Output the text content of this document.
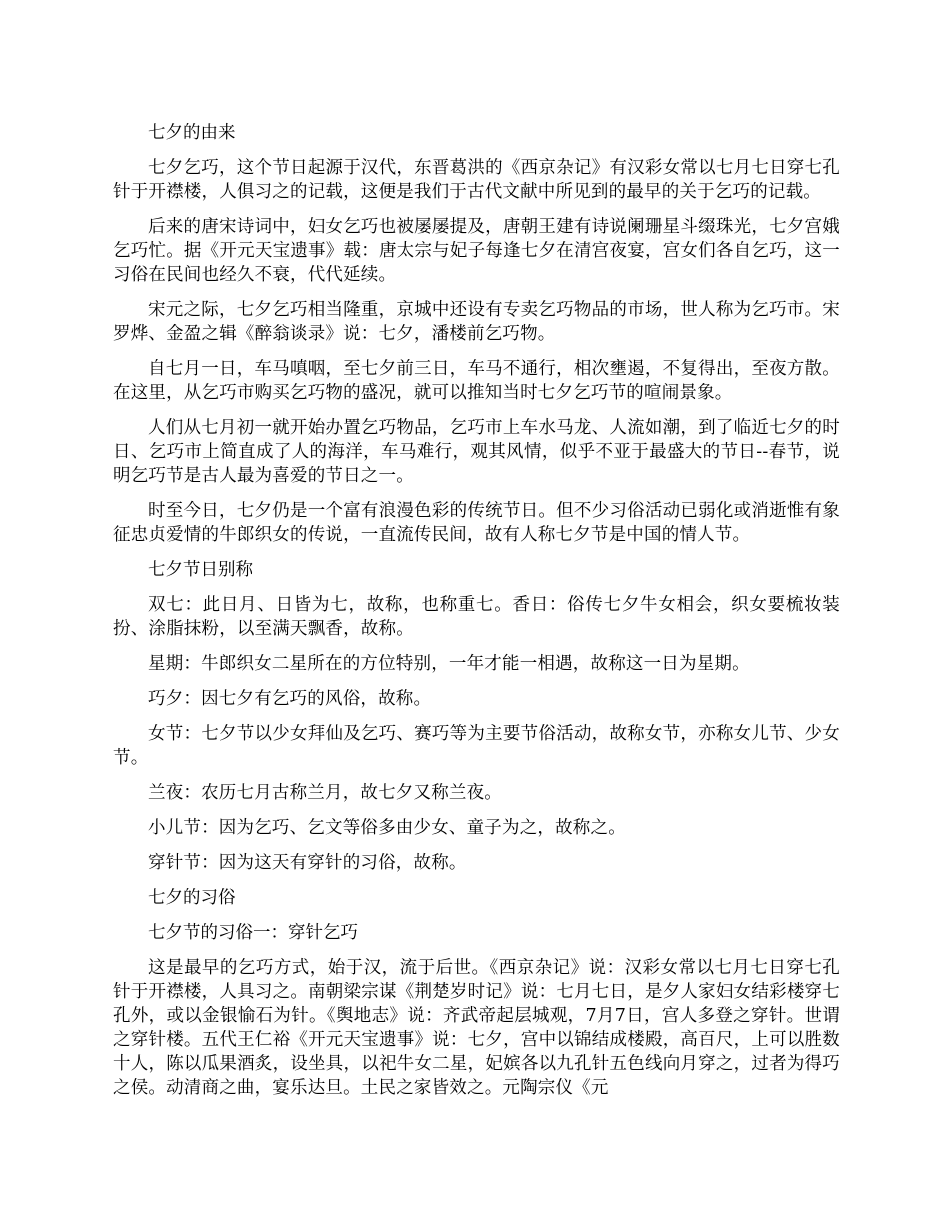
七夕的由来

七夕乞巧，这个节日起源于汉代，东晋葛洪的《西京杂记》有汉彩女常以七月七日穿七孔针于开襟楼，人俱习之的记载，这便是我们于古代文献中所见到的最早的关于乞巧的记载。

后来的唐宋诗词中，妇女乞巧也被屡屡提及，唐朝王建有诗说阑珊星斗缀珠光，七夕宫娥乞巧忙。据《开元天宝遗事》载：唐太宗与妃子每逢七夕在清宫夜宴，宫女们各自乞巧，这一习俗在民间也经久不衰，代代延续。

宋元之际，七夕乞巧相当隆重，京城中还设有专卖乞巧物品的市场，世人称为乞巧市。宋罗烨、金盈之辑《醉翁谈录》说：七夕，潘楼前乞巧物。

自七月一日，车马嗔咽，至七夕前三日，车马不通行，相次壅遏，不复得出，至夜方散。在这里，从乞巧市购买乞巧物的盛况，就可以推知当时七夕乞巧节的喧闹景象。

人们从七月初一就开始办置乞巧物品，乞巧市上车水马龙、人流如潮，到了临近七夕的时日、乞巧市上简直成了人的海洋，车马难行，观其风情，似乎不亚于最盛大的节日--春节，说明乞巧节是古人最为喜爱的节日之一。

时至今日，七夕仍是一个富有浪漫色彩的传统节日。但不少习俗活动已弱化或消逝惟有象征忠贞爱情的牛郎织女的传说，一直流传民间，故有人称七夕节是中国的情人节。

七夕节日别称

双七：此日月、日皆为七，故称，也称重七。香日：俗传七夕牛女相会，织女要梳妆装扮、涂脂抹粉，以至满天飘香，故称。

星期：牛郎织女二星所在的方位特别，一年才能一相遇，故称这一日为星期。

巧夕：因七夕有乞巧的风俗，故称。

女节：七夕节以少女拜仙及乞巧、赛巧等为主要节俗活动，故称女节，亦称女儿节、少女节。

兰夜：农历七月古称兰月，故七夕又称兰夜。

小儿节：因为乞巧、乞文等俗多由少女、童子为之，故称之。

穿针节：因为这天有穿针的习俗，故称。

七夕的习俗

七夕节的习俗一：穿针乞巧

这是最早的乞巧方式，始于汉，流于后世。《西京杂记》说：汉彩女常以七月七日穿七孔针于开襟楼，人具习之。南朝梁宗谋《荆楚岁时记》说：七月七日，是夕人家妇女结彩楼穿七孔外，或以金银愉石为针。《舆地志》说：齐武帝起层城观，7月7日，宫人多登之穿针。世谓之穿针楼。五代王仁裕《开元天宝遗事》说：七夕，宫中以锦结成楼殿，高百尺，上可以胜数十人，陈以瓜果酒炙，设坐具，以祀牛女二星，妃嫔各以九孔针五色线向月穿之，过者为得巧之侯。动清商之曲，宴乐达旦。土民之家皆效之。元陶宗仪《元
